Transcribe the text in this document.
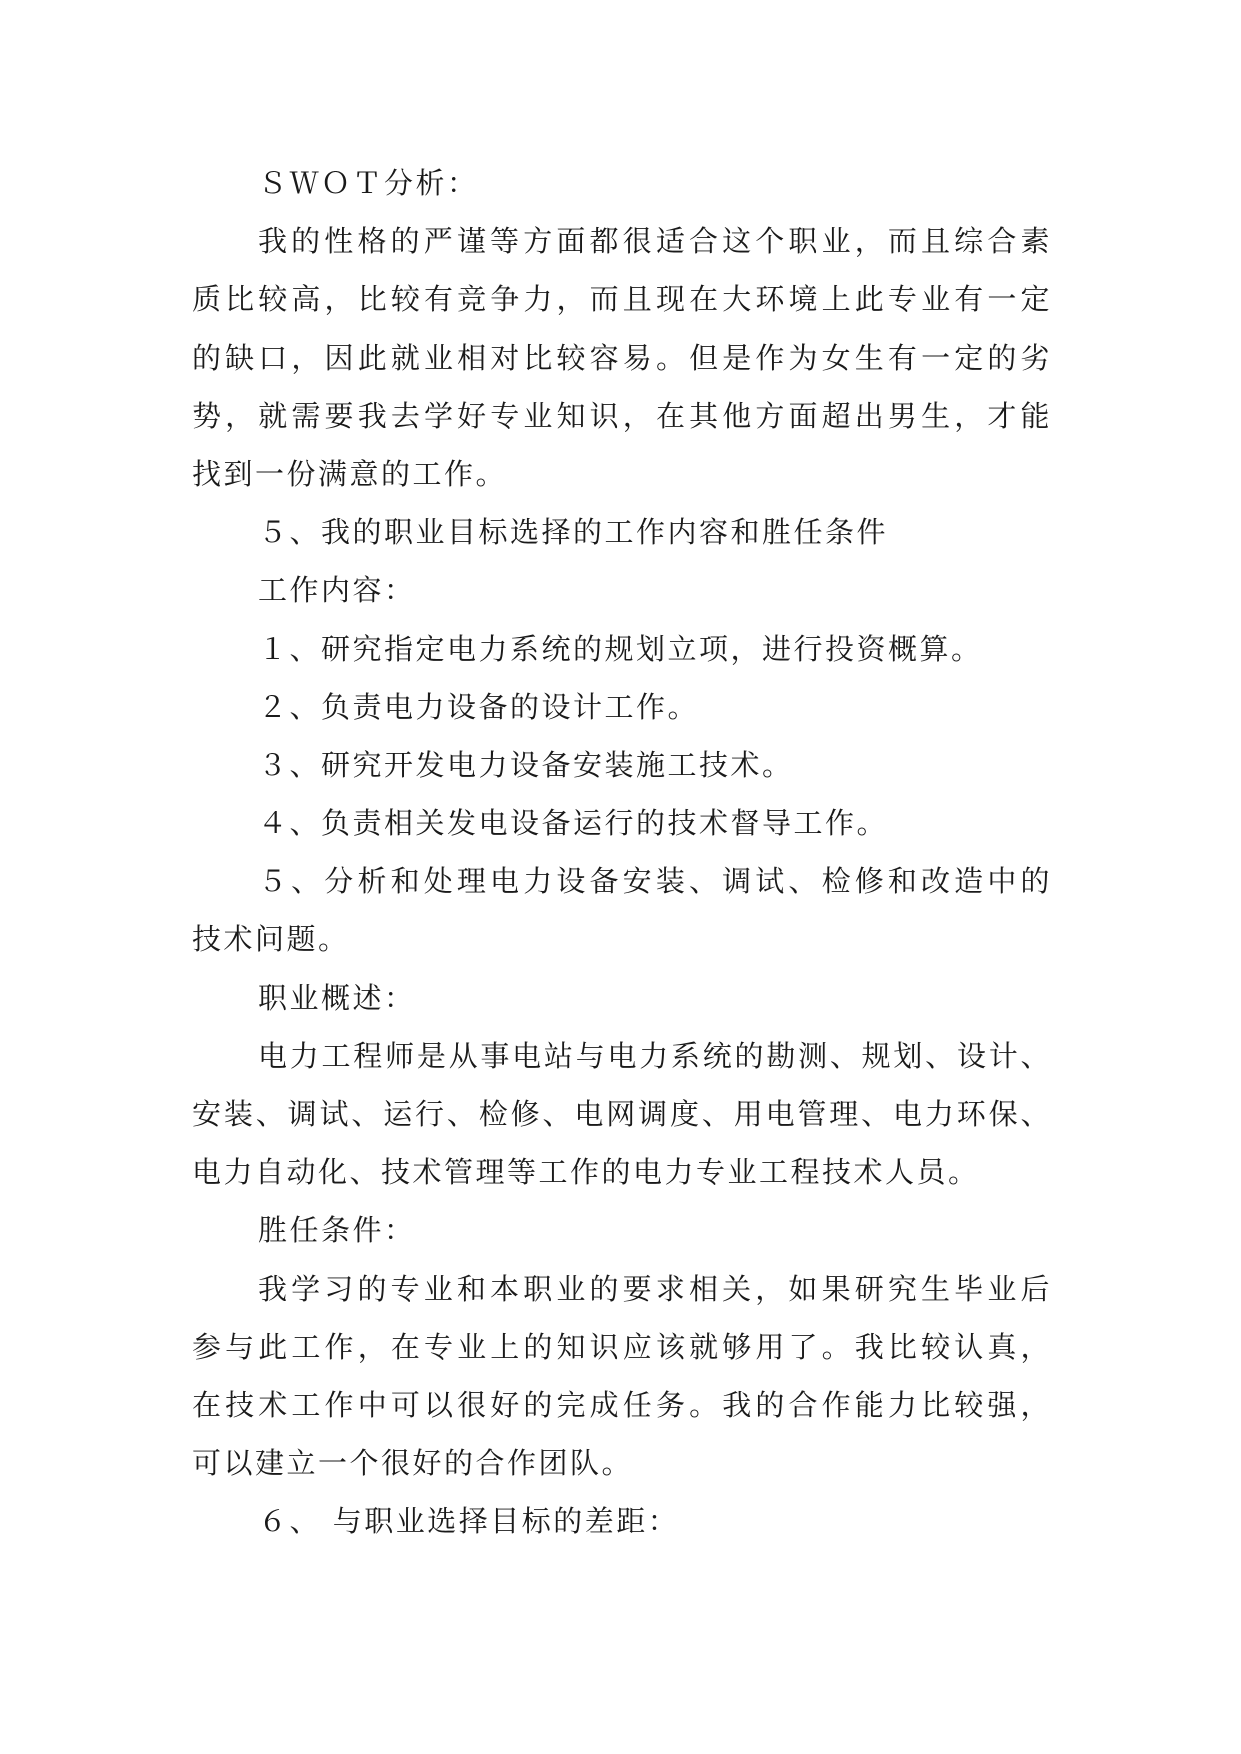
ＳＷＯＴ分析：
我的性格的严谨等方面都很适合这个职业，而且综合素
质比较高，比较有竞争力，而且现在大环境上此专业有一定
的缺口，因此就业相对比较容易。但是作为女生有一定的劣
势，就需要我去学好专业知识，在其他方面超出男生，才能
找到一份满意的工作。
５、我的职业目标选择的工作内容和胜任条件
工作内容：
１、研究指定电力系统的规划立项，进行投资概算。
２、负责电力设备的设计工作。
３、研究开发电力设备安装施工技术。
４、负责相关发电设备运行的技术督导工作。
５、分析和处理电力设备安装、调试、检修和改造中的
技术问题。
职业概述：
电力工程师是从事电站与电力系统的勘测、规划、设计、
安装、调试、运行、检修、电网调度、用电管理、电力环保、
电力自动化、技术管理等工作的电力专业工程技术人员。
胜任条件：
我学习的专业和本职业的要求相关，如果研究生毕业后
参与此工作，在专业上的知识应该就够用了。我比较认真，
在技术工作中可以很好的完成任务。我的合作能力比较强，
可以建立一个很好的合作团队。
６、 与职业选择目标的差距：
